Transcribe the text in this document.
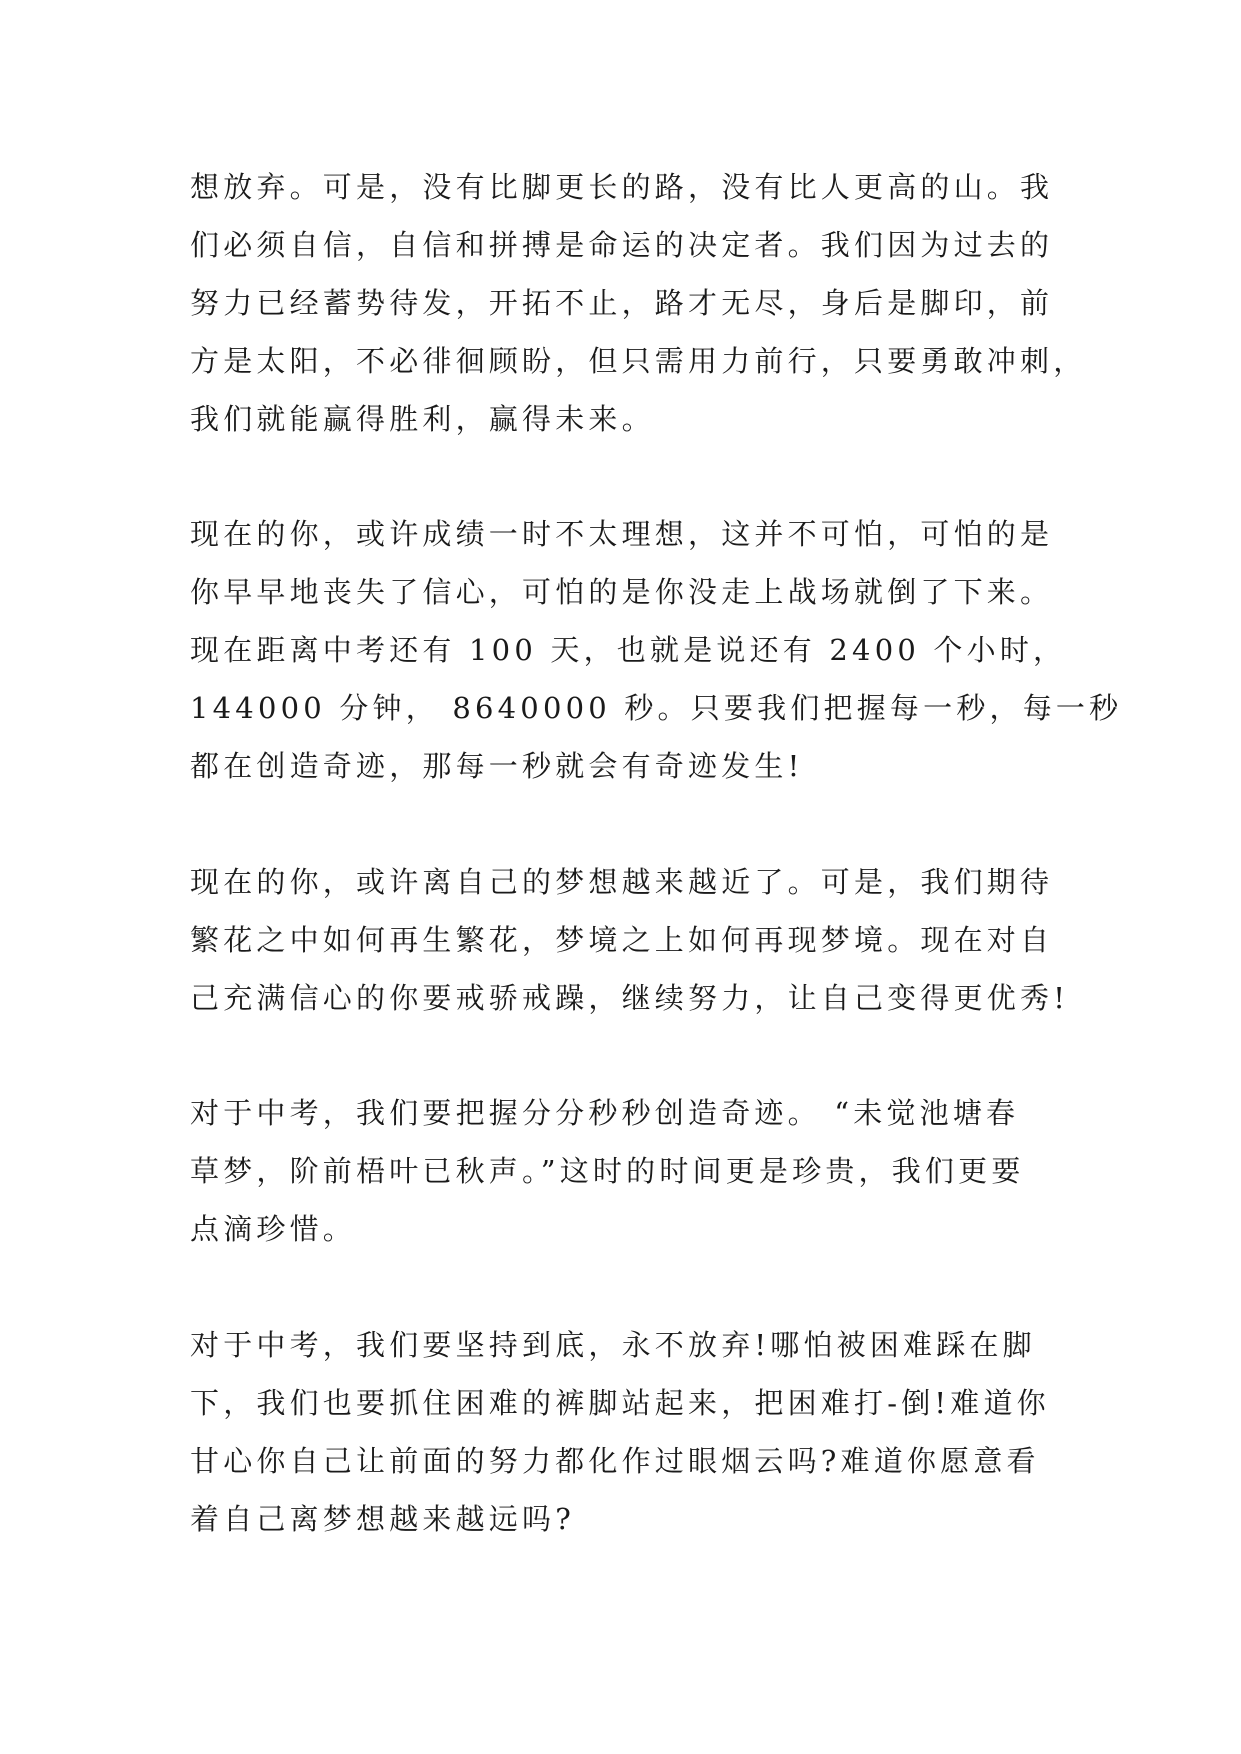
想放弃。可是，没有比脚更长的路，没有比人更高的山。我
们必须自信，自信和拼搏是命运的决定者。我们因为过去的
努力已经蓄势待发，开拓不止，路才无尽，身后是脚印，前
方是太阳，不必徘徊顾盼，但只需用力前行，只要勇敢冲刺，
我们就能赢得胜利，赢得未来。
现在的你，或许成绩一时不太理想，这并不可怕，可怕的是
你早早地丧失了信心，可怕的是你没走上战场就倒了下来。
现在距离中考还有 100 天，也就是说还有 2400 个小时，
144000 分钟， 8640000 秒。只要我们把握每一秒，每一秒
都在创造奇迹，那每一秒就会有奇迹发生!
现在的你，或许离自己的梦想越来越近了。可是，我们期待
繁花之中如何再生繁花，梦境之上如何再现梦境。现在对自
己充满信心的你要戒骄戒躁，继续努力，让自己变得更优秀!
对于中考，我们要把握分分秒秒创造奇迹。 “未觉池塘春
草梦，阶前梧叶已秋声。”这时的时间更是珍贵，我们更要
点滴珍惜。
对于中考，我们要坚持到底，永不放弃!哪怕被困难踩在脚
下，我们也要抓住困难的裤脚站起来，把困难打-倒!难道你
甘心你自己让前面的努力都化作过眼烟云吗?难道你愿意看
着自己离梦想越来越远吗?
